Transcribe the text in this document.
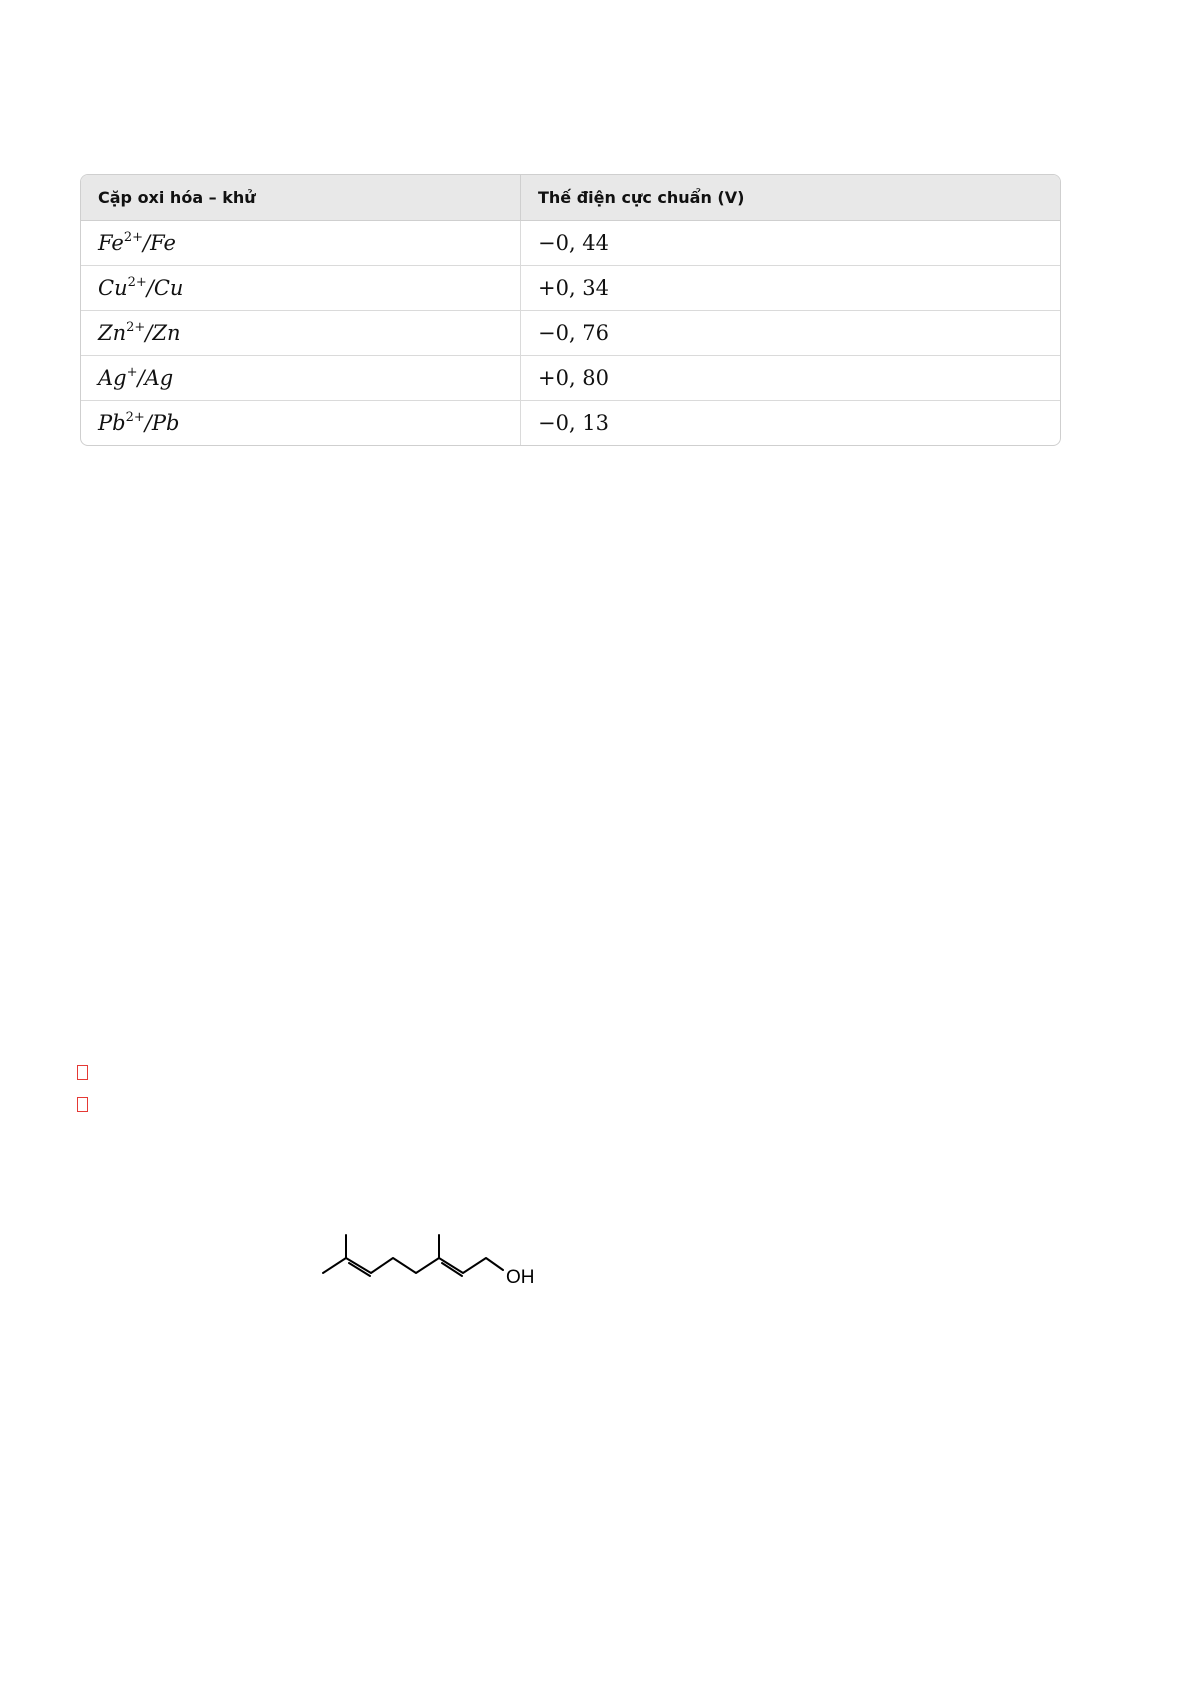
Cặp oxi hóa – khử	Thế điện cực chuẩn (V)
$Fe^{2+}/Fe$	−0, 44
$Cu^{2+}/Cu$	+0, 34
$Zn^{2+}/Zn$	−0, 76
Ag+/Ag	+0, 80
$Pb^{2+}/Pb$	−0, 13
OH
